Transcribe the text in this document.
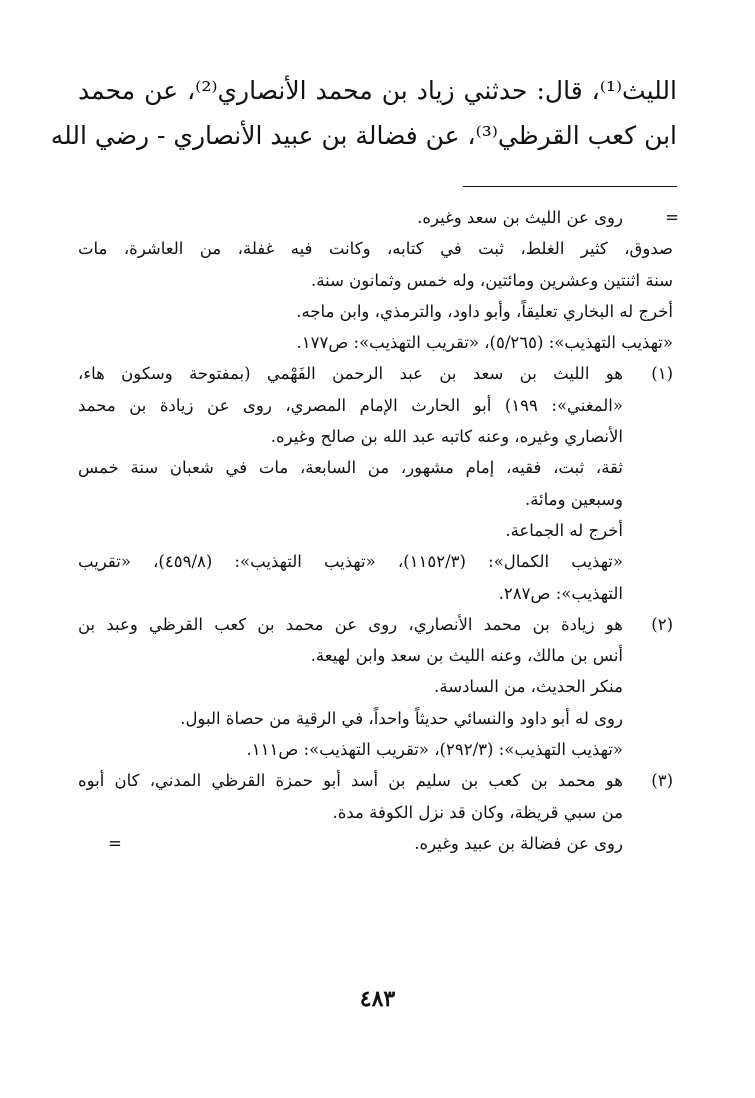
الليث⁽¹⁾، قال: حدثني زياد بن محمد الأنصاري⁽²⁾، عن محمد
ابن كعب القرظي⁽³⁾، عن فضالة بن عبيد الأنصاري - رضي الله
=
روى عن الليث بن سعد وغيره.
صدوق، كثير الغلط، ثبت في كتابه، وكانت فيه غفلة، من العاشرة، مات
سنة اثنتين وعشرين ومائتين، وله خمس وثمانون سنة.
أخرج له البخاري تعليقاً، وأبو داود، والترمذي، وابن ماجه.
«تهذيب التهذيب»: (٥/٢٦٥)، «تقريب التهذيب»: ص١٧٧.
(١)
هو الليث بن سعد بن عبد الرحمن الفَهْمي (بمفتوحة وسكون هاء،
«المغني»: ١٩٩) أبو الحارث الإمام المصري، روى عن زيادة بن محمد
الأنصاري وغيره، وعنه كاتبه عبد الله بن صالح وغيره.
ثقة، ثبت، فقيه، إمام مشهور، من السابعة، مات في شعبان سنة خمس
وسبعين ومائة.
أخرج له الجماعة.
«تهذيب الكمال»: (١١٥٢/٣)، «تهذيب التهذيب»: (٤٥٩/٨)، «تقريب
التهذيب»: ص٢٨٧.
(٢)
هو زيادة بن محمد الأنصاري، روى عن محمد بن كعب القرظي وعبد بن
أنس بن مالك، وعنه الليث بن سعد وابن لهيعة.
منكر الحديث، من السادسة.
روى له أبو داود والنسائي حديثاً واحداً، في الرقية من حصاة البول.
«تهذيب التهذيب»: (٢٩٢/٣)، «تقريب التهذيب»: ص١١١.
(٣)
هو محمد بن كعب بن سليم بن أسد أبو حمزة القرظي المدني، كان أبوه
من سبي قريظة، وكان قد نزل الكوفة مدة.
روى عن فضالة بن عبيد وغيره.
=
٤٨٣
